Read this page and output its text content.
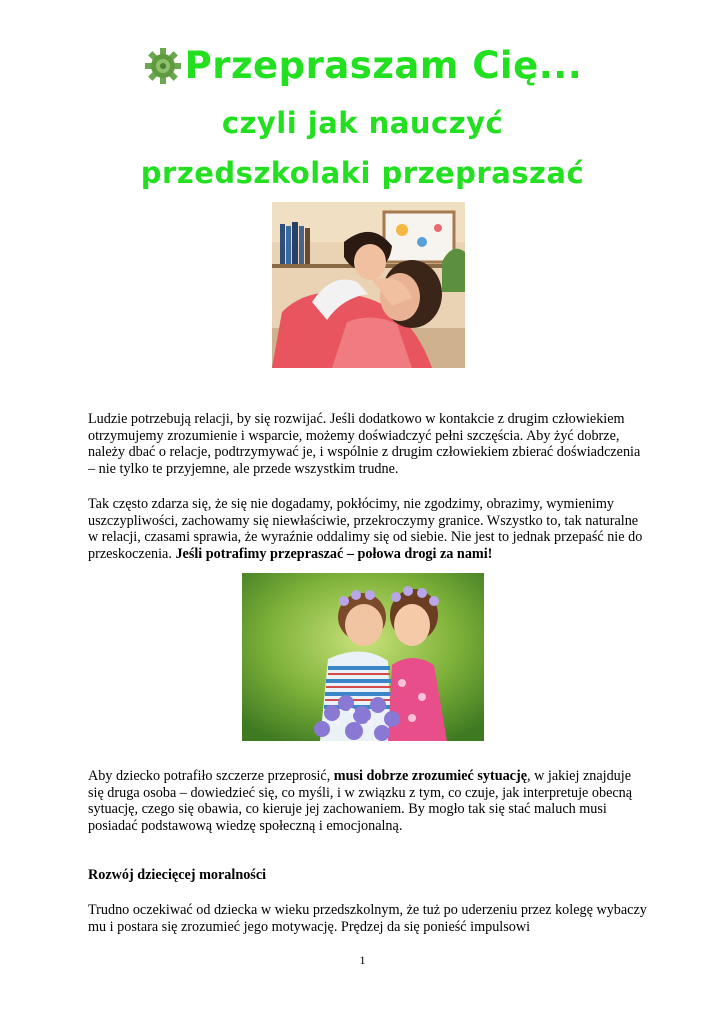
Przepraszam Cię...
czyli jak nauczyć
przedszkolaki przepraszać

Ludzie potrzebują relacji, by się rozwijać. Jeśli dodatkowo w kontakcie z drugim człowiekiem otrzymujemy zrozumienie i wsparcie, możemy doświadczyć pełni szczęścia. Aby żyć dobrze, należy dbać o relacje, podtrzymywać je, i wspólnie z drugim człowiekiem zbierać doświadczenia – nie tylko te przyjemne, ale przede wszystkim trudne.

Tak często zdarza się, że się nie dogadamy, pokłócimy, nie zgodzimy, obrazimy, wymienimy uszczypliwości, zachowamy się niewłaściwie, przekroczymy granice. Wszystko to, tak naturalne w relacji, czasami sprawia, że wyraźnie oddalimy się od siebie. Nie jest to jednak przepaść nie do przeskoczenia. Jeśli potrafimy przepraszać – połowa drogi za nami!

Aby dziecko potrafiło szczerze przeprosić, musi dobrze zrozumieć sytuację, w jakiej znajduje się druga osoba – dowiedzieć się, co myśli, i w związku z tym, co czuje, jak interpretuje obecną sytuację, czego się obawia, co kieruje jej zachowaniem. By mogło tak się stać maluch musi posiadać podstawową wiedzę społeczną i emocjonalną.

Rozwój dziecięcej moralności

Trudno oczekiwać od dziecka w wieku przedszkolnym, że tuż po uderzeniu przez kolegę wybaczy mu i postara się zrozumieć jego motywację. Prędzej da się ponieść impulsowi

1
